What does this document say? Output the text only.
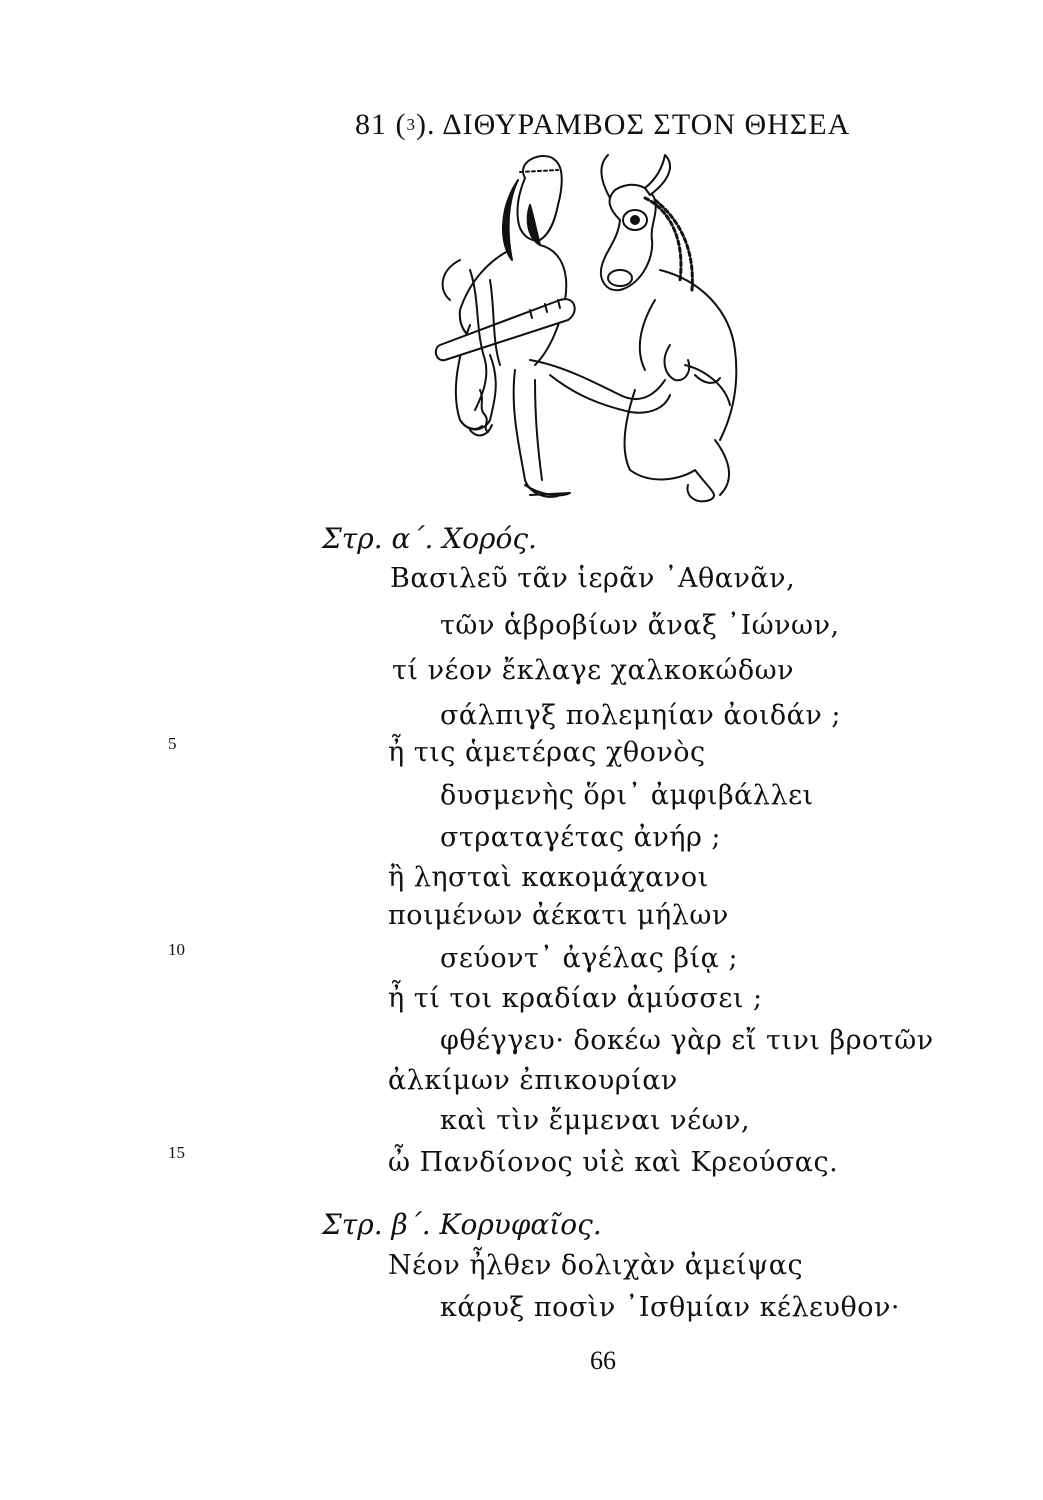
81 ($^3$). ΔΙΘΥΡΑΜΒΟΣ ΣΤΟΝ ΘΗΣΕΑ
Στρ. α΄. Χορός.
Βασιλεῦ τᾶν ἱερᾶν ᾿Αθανᾶν,
τῶν ἁβροβίων ἄναξ ᾿Ιώνων,
τί νέον ἔκλαγε χαλκοκώδων
σάλπιγξ πολεμηίαν ἀοιδάν ;
ἦ τις ἁμετέρας χθονὸς
δυσμενὴς ὅρι᾿ ἀμφιβάλλει
στραταγέτας ἀνήρ ;
ἢ λησταὶ κακομάχανοι
ποιμένων ἀέκατι μήλων
σεύοντ᾿ ἀγέλας βίᾳ ;
ἦ τί τοι κραδίαν ἀμύσσει ;
φθέγγευ· δοκέω γὰρ εἴ τινι βροτῶν
ἀλκίμων ἐπικουρίαν
καὶ τὶν ἔμμεναι νέων,
ὦ Πανδίονος υἱὲ καὶ Κρεούσας.
5
10
15
Στρ. β΄. Κορυφαῖος.
Νέον ἦλθεν δολιχὰν ἀμείψας
κάρυξ ποσὶν ᾿Ισθμίαν κέλευθον·
66
